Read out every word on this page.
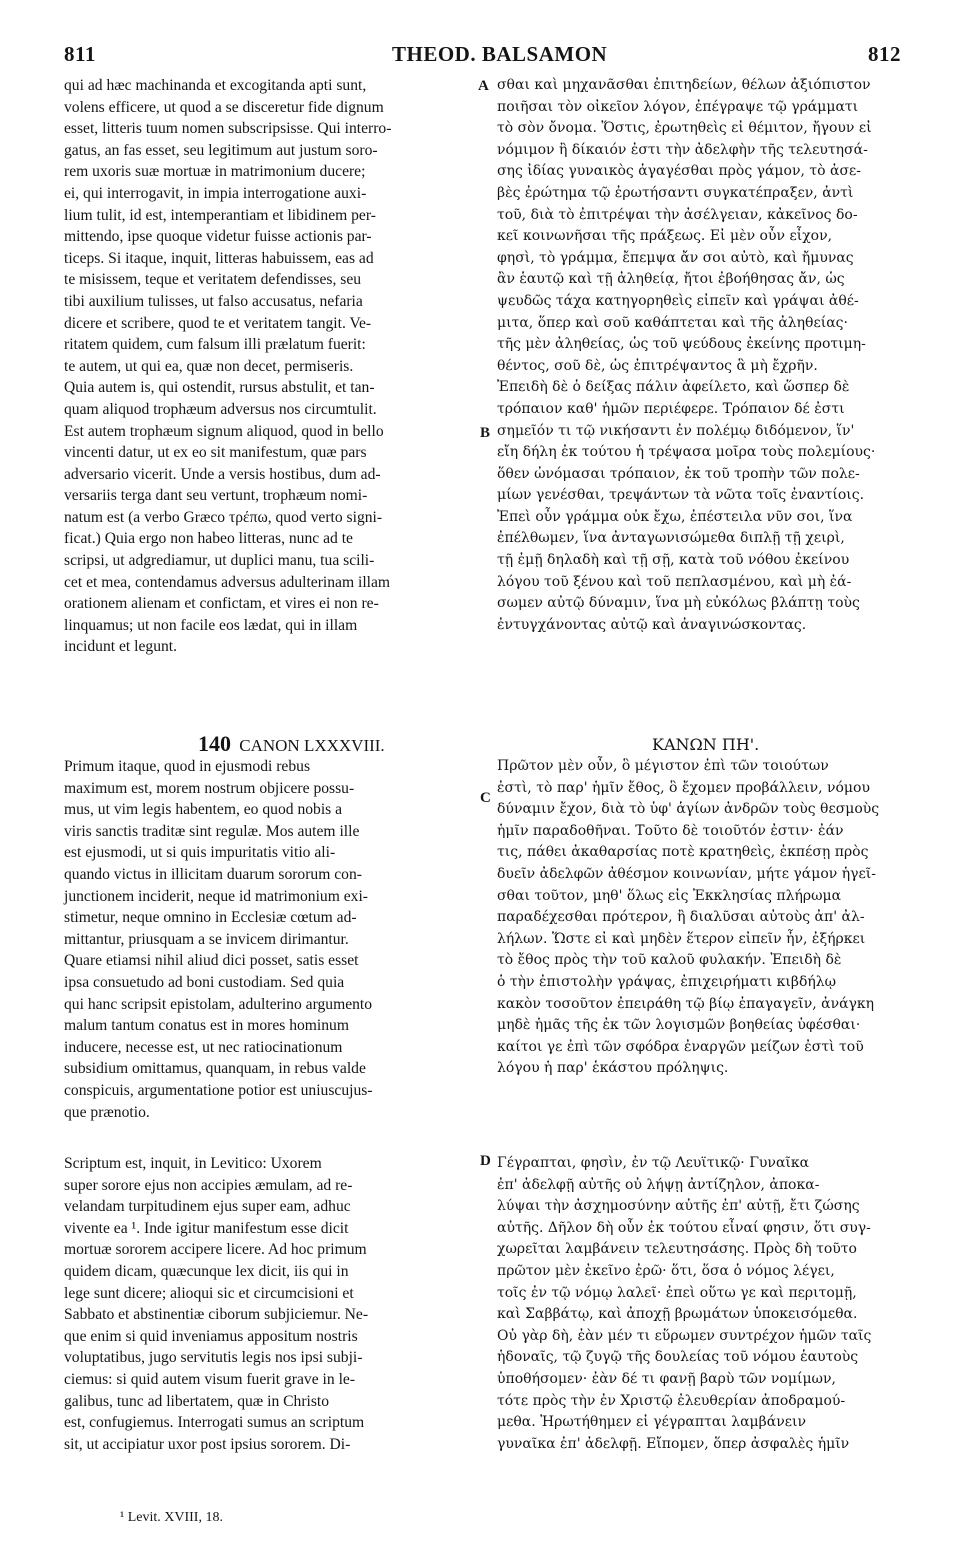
811	THEOD. BALSAMON	812

qui ad hæc machinanda et excogitanda apti sunt,
volens efficere, ut quod a se disceretur fide dignum
esset, litteris tuum nomen subscripsisse. Qui interro-
gatus, an fas esset, seu legitimum aut justum soro-
rem uxoris suæ mortuæ in matrimonium ducere;
ei, qui interrogavit, in impia interrogatione auxi-
lium tulit, id est, intemperantiam et libidinem per-
mittendo, ipse quoque videtur fuisse actionis par-
ticeps. Si itaque, inquit, litteras habuissem, eas ad
te misissem, teque et veritatem defendisses, seu
tibi auxilium tulisses, ut falso accusatus, nefaria
dicere et scribere, quod te et veritatem tangit. Ve-
ritatem quidem, cum falsum illi prælatum fuerit:
te autem, ut qui ea, quæ non decet, permiseris.
Quia autem is, qui ostendit, rursus abstulit, et tan-
quam aliquod trophæum adversus nos circumtulit.
Est autem trophæum signum aliquod, quod in bello
vincenti datur, ut ex eo sit manifestum, quæ pars
adversario vicerit. Unde a versis hostibus, dum ad-
versariis terga dant seu vertunt, trophæum nomi-
natum est (a verbo Græco τρέπω, quod verto signi-
ficat.) Quia ergo non habeo litteras, nunc ad te
scripsi, ut adgrediamur, ut duplici manu, tua scili-
cet et mea, contendamus adversus adulterinam illam
orationem alienam et confictam, et vires ei non re-
linquamus; ut non facile eos lædat, qui in illam
incidunt et legunt.

σθαι καὶ μηχανᾶσθαι ἐπιτηδείων, θέλων ἀξιόπιστον
ποιῆσαι τὸν οἰκεῖον λόγον, ἐπέγραψε τῷ γράμματι
τὸ σὸν ὄνομα. Ὅστις, ἐρωτηθεὶς εἰ θέμιτον, ἤγουν εἰ
νόμιμον ἢ δίκαιόν ἐστι τὴν ἀδελφὴν τῆς τελευτησά-
σης ἰδίας γυναικὸς ἀγαγέσθαι πρὸς γάμον, τὸ ἀσε-
βὲς ἐρώτημα τῷ ἐρωτήσαντι συγκατέπραξεν, ἀντὶ
τοῦ, διὰ τὸ ἐπιτρέψαι τὴν ἀσέλγειαν, κἀκεῖνος δο-
κεῖ κοινωνῆσαι τῆς πράξεως. Εἰ μὲν οὖν εἶχον,
φησὶ, τὸ γράμμα, ἔπεμψα ἄν σοι αὐτὸ, καὶ ἤμυνας
ἂν ἑαυτῷ καὶ τῇ ἀληθείᾳ, ἤτοι ἐβοήθησας ἄν, ὡς
ψευδῶς τάχα κατηγορηθεὶς εἰπεῖν καὶ γράψαι ἀθέ-
μιτα, ὅπερ καὶ σοῦ καθάπτεται καὶ τῆς ἀληθείας·
τῆς μὲν ἀληθείας, ὡς τοῦ ψεύδους ἐκείνης προτιμη-
θέντος, σοῦ δὲ, ὡς ἐπιτρέψαντος ἃ μὴ ἔχρῆν.
Ἐπειδὴ δὲ ὁ δείξας πάλιν ἀφείλετο, καὶ ὥσπερ δὲ
τρόπαιον καθ' ἡμῶν περιέφερε. Τρόπαιον δέ ἐστι
σημεῖόν τι τῷ νικήσαντι ἐν πολέμῳ διδόμενον, ἵν'
εἴη δήλη ἐκ τούτου ἡ τρέψασα μοῖρα τοὺς πολεμίους·
ὅθεν ὠνόμασαι τρόπαιον, ἐκ τοῦ τροπὴν τῶν πολε-
μίων γενέσθαι, τρεψάντων τὰ νῶτα τοῖς ἐναντίοις.
Ἐπεὶ οὖν γράμμα οὐκ ἔχω, ἐπέστειλα νῦν σοι, ἵνα
ἐπέλθωμεν, ἵνα ἀνταγωνισώμεθα διπλῇ τῇ χειρὶ,
τῇ ἐμῇ δηλαδὴ καὶ τῇ σῇ, κατὰ τοῦ νόθου ἐκείνου
λόγου τοῦ ξένου καὶ τοῦ πεπλασμένου, καὶ μὴ ἐά-
σωμεν αὐτῷ δύναμιν, ἵνα μὴ εὐκόλως βλάπτῃ τοὺς
ἐντυγχάνοντας αὐτῷ καὶ ἀναγινώσκοντας.

A
B
C
D
140 CANON LXXXVIII.	ΚΑΝΩΝ ΠΗ'.

Primum itaque, quod in ejusmodi rebus
maximum est, morem nostrum objicere possu-
mus, ut vim legis habentem, eo quod nobis a
viris sanctis traditæ sint regulæ. Mos autem ille
est ejusmodi, ut si quis impuritatis vitio ali-
quando victus in illicitam duarum sororum con-
junctionem inciderit, neque id matrimonium exi-
stimetur, neque omnino in Ecclesiæ cœtum ad-
mittantur, priusquam a se invicem dirimantur.
Quare etiamsi nihil aliud dici posset, satis esset
ipsa consuetudo ad boni custodiam. Sed quia
qui hanc scripsit epistolam, adulterino argumento
malum tantum conatus est in mores hominum
inducere, necesse est, ut nec ratiocinationum
subsidium omittamus, quanquam, in rebus valde
conspicuis, argumentatione potior est uniuscujus-
que prænotio.

Πρῶτον μὲν οὖν, ὃ μέγιστον ἐπὶ τῶν τοιούτων
ἐστὶ, τὸ παρ' ἡμῖν ἔθος, ὃ ἔχομεν προβάλλειν, νόμου
δύναμιν ἔχον, διὰ τὸ ὑφ' ἁγίων ἀνδρῶν τοὺς θεσμοὺς
ἡμῖν παραδοθῆναι. Τοῦτο δὲ τοιοῦτόν ἐστιν· ἐάν
τις, πάθει ἀκαθαρσίας ποτὲ κρατηθεὶς, ἐκπέσῃ πρὸς
δυεῖν ἀδελφῶν ἀθέσμον κοινωνίαν, μήτε γάμον ἡγεῖ-
σθαι τοῦτον, μηθ' ὅλως εἰς Ἐκκλησίας πλήρωμα
παραδέχεσθαι πρότερον, ἢ διαλῦσαι αὐτοὺς ἀπ' ἀλ-
λήλων. Ὥστε εἰ καὶ μηδὲν ἕτερον εἰπεῖν ἦν, ἐξήρκει
τὸ ἔθος πρὸς τὴν τοῦ καλοῦ φυλακήν. Ἐπειδὴ δὲ
ὁ τὴν ἐπιστολὴν γράψας, ἐπιχειρήματι κιβδήλῳ
κακὸν τοσοῦτον ἐπειράθη τῷ βίῳ ἐπαγαγεῖν, ἀνάγκη
μηδὲ ἡμᾶς τῆς ἐκ τῶν λογισμῶν βοηθείας ὑφέσθαι·
καίτοι γε ἐπὶ τῶν σφόδρα ἐναργῶν μείζων ἐστὶ τοῦ
λόγου ἡ παρ' ἑκάστου πρόληψις.

Scriptum est, inquit, in Levitico: Uxorem
super sorore ejus non accipies æmulam, ad re-
velandam turpitudinem ejus super eam, adhuc
vivente ea ¹. Inde igitur manifestum esse dicit
mortuæ sororem accipere licere. Ad hoc primum
quidem dicam, quæcunque lex dicit, iis qui in
lege sunt dicere; alioqui sic et circumcisioni et
Sabbato et abstinentiæ ciborum subjiciemur. Ne-
que enim si quid inveniamus appositum nostris
voluptatibus, jugo servitutis legis nos ipsi subji-
ciemus: si quid autem visum fuerit grave in le-
galibus, tunc ad libertatem, quæ in Christo
est, confugiemus. Interrogati sumus an scriptum
sit, ut accipiatur uxor post ipsius sororem. Di-

Γέγραπται, φησὶν, ἐν τῷ Λευϊτικῷ· Γυναῖκα
ἐπ' ἀδελφῇ αὐτῆς οὐ λήψῃ ἀντίζηλον, ἀποκα-
λύψαι τὴν ἀσχημοσύνην αὐτῆς ἐπ' αὐτῇ, ἔτι ζώσης
αὐτῆς. Δῆλον δὴ οὖν ἐκ τούτου εἶναί φησιν, ὅτι συγ-
χωρεῖται λαμβάνειν τελευτησάσης. Πρὸς δὴ τοῦτο
πρῶτον μὲν ἐκεῖνο ἐρῶ· ὅτι, ὅσα ὁ νόμος λέγει,
τοῖς ἐν τῷ νόμῳ λαλεῖ· ἐπεὶ οὕτω γε καὶ περιτομῇ,
καὶ Σαββάτῳ, καὶ ἀποχῇ βρωμάτων ὑποκεισόμεθα.
Οὐ γὰρ δὴ, ἐὰν μέν τι εὕρωμεν συντρέχον ἡμῶν ταῖς
ἡδοναῖς, τῷ ζυγῷ τῆς δουλείας τοῦ νόμου ἑαυτοὺς
ὑποθήσομεν· ἐὰν δέ τι φανῇ βαρὺ τῶν νομίμων,
τότε πρὸς τὴν ἐν Χριστῷ ἐλευθερίαν ἀποδραμού-
μεθα. Ἠρωτήθημεν εἰ γέγραπται λαμβάνειν
γυναῖκα ἐπ' ἀδελφῇ. Εἴπομεν, ὅπερ ἀσφαλὲς ἡμῖν

¹ Levit. XVIII, 18.
